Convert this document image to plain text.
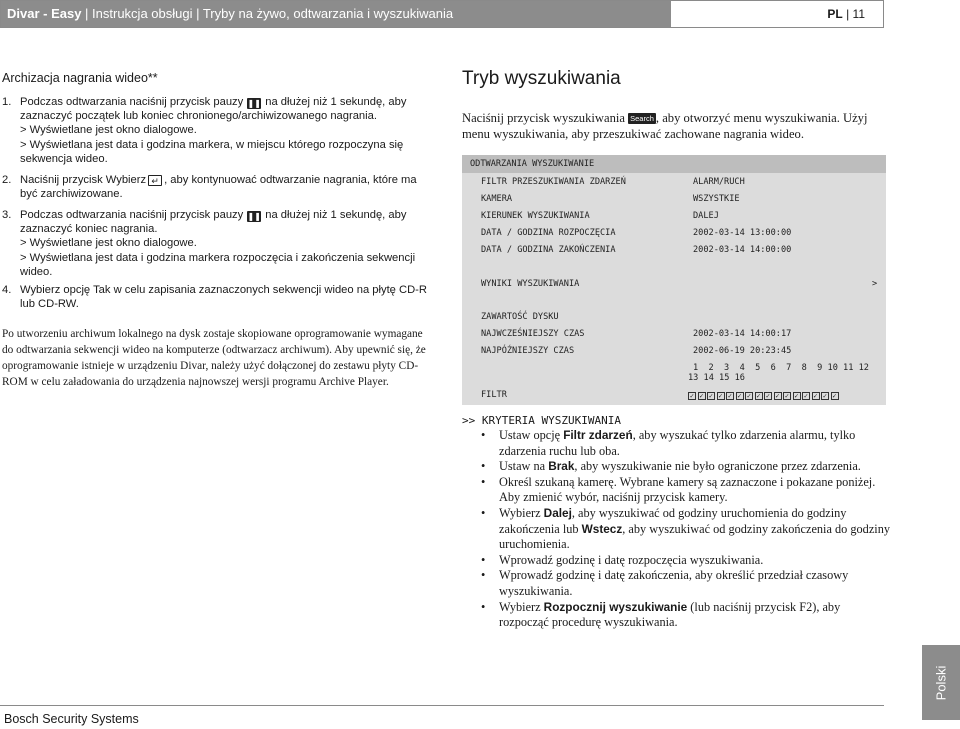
Divar - Easy | Instrukcja obsługi | Tryby na żywo, odtwarzania i wyszukiwania	PL | 11
Archizacja nagrania wideo**
1. Podczas odtwarzania naciśnij przycisk pauzy ❚❚ na dłużej niż 1 sekundę, aby zaznaczyć początek lub koniec chronionego/archiwizowanego nagrania.
> Wyświetlane jest okno dialogowe.
> Wyświetlana jest data i godzina markera, w miejscu którego rozpoczyna się sekwencja wideo.
2. Naciśnij przycisk Wybierz ↵ , aby kontynuować odtwarzanie nagrania, które ma być zarchiwizowane.
3. Podczas odtwarzania naciśnij przycisk pauzy ❚❚ na dłużej niż 1 sekundę, aby zaznaczyć koniec nagrania.
> Wyświetlane jest okno dialogowe.
> Wyświetlana jest data i godzina markera rozpoczęcia i zakończenia sekwencji wideo.
4. Wybierz opcję Tak w celu zapisania zaznaczonych sekwencji wideo na płytę CD-R lub CD-RW.
Po utworzeniu archiwum lokalnego na dysk zostaje skopiowane oprogramowanie wymagane do odtwarzania sekwencji wideo na komputerze (odtwarzacz archiwum). Aby upewnić się, że oprogramowanie istnieje w urządzeniu Divar, należy użyć dołączonej do zestawu płyty CD-ROM w celu załadowania do urządzenia najnowszej wersji programu Archive Player.
Tryb wyszukiwania
Naciśnij przycisk wyszukiwania Search , aby otworzyć menu wyszukiwania. Użyj menu wyszukiwania, aby przeszukiwać zachowane nagrania wideo.
ODTWARZANIA WYSZUKIWANIE
FILTR PRZESZUKIWANIA ZDARZEŃ	ALARM/RUCH
KAMERA	WSZYSTKIE
KIERUNEK WYSZUKIWANIA	DALEJ
DATA / GODZINA ROZPOCZĘCIA	2002-03-14 13:00:00
DATA / GODZINA ZAKOŃCZENIA	2002-03-14 14:00:00
WYNIKI WYSZUKIWANIA	>
ZAWARTOŚĆ DYSKU
NAJWCZEŚNIEJSZY CZAS	2002-03-14 14:00:17
NAJPÓŹNIEJSZY CZAS	2002-06-19 20:23:45
1  2  3  4  5  6  7  8  9 10 11 12
13 14 15 16
FILTR	✓ ✓ ✓ ✓ ✓ ✓ ✓ ✓ ✓ ✓ ✓ ✓ ✓ ✓ ✓ ✓
>> KRYTERIA WYSZUKIWANIA
• Ustaw opcję Filtr zdarzeń, aby wyszukać tylko zdarzenia alarmu, tylko zdarzenia ruchu lub oba.
• Ustaw na Brak, aby wyszukiwanie nie było ograniczone przez zdarzenia.
• Określ szukaną kamerę. Wybrane kamery są zaznaczone i pokazane poniżej. Aby zmienić wybór, naciśnij przycisk kamery.
• Wybierz Dalej, aby wyszukiwać od godziny uruchomienia do godziny zakończenia lub Wstecz, aby wyszukiwać od godziny zakończenia do godziny uruchomienia.
• Wprowadź godzinę i datę rozpoczęcia wyszukiwania.
• Wprowadź godzinę i datę zakończenia, aby określić przedział czasowy wyszukiwania.
• Wybierz Rozpocznij wyszukiwanie (lub naciśnij przycisk F2), aby rozpocząć procedurę wyszukiwania.
Bosch Security Systems
Polski
